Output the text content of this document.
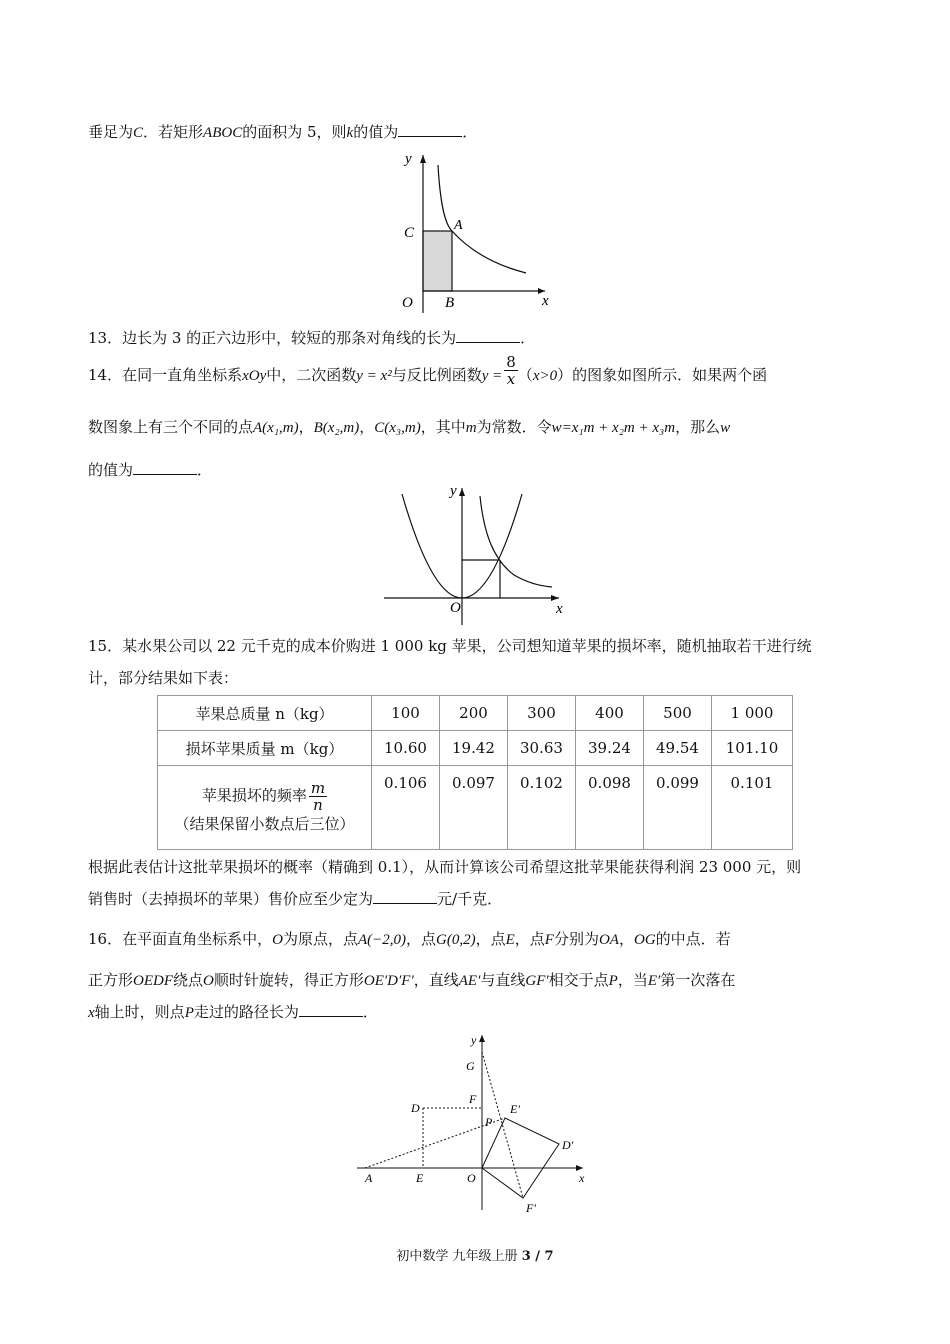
垂足为C．若矩形ABOC的面积为 5，则k的值为	．
y
x
C	A
O B
13．边长为 3 的正六边形中，较短的那条对角线的长为	．
14．在同一直角坐标系xOy中，二次函数y = x²与反比例函数$y = \frac{8}{x} (x>0)$的图象如图所示．如果两个函
数图象上有三个不同的点A(x₁,m)，B(x₂,m)，C(x₃,m)，其中m为常数．令w=x₁m + x₂m + x₃m，那么w
的值为	．
y
x
O
15．某水果公司以 22 元千克的成本价购进 1 000 kg 苹果，公司想知道苹果的损坏率，随机抽取若干进行统
计，部分结果如下表：
苹果总质量 n（kg）	100	200	300	400	500	1 000
损坏苹果质量 m（kg）	10.60	19.42	30.63	39.24	49.54	101.10

苹果损坏的频率 $\frac{m}{n}$
（结果保留小数点后三位）	0.106	0.097	0.102	0.098	0.099	0.101
根据此表估计这批苹果损坏的概率（精确到 0.1），从而计算该公司希望这批苹果能获得利润 23 000 元，则
销售时（去掉损坏的苹果）售价应至少定为	元/千克．
16．在平面直角坐标系中，O为原点，点A(−2,0)，点G(0,2)，点E，点F分别为OA，OG的中点．若
正方形OEDF绕点O顺时针旋转，得正方形OE′D′F′，直线AE′与直线GF′相交于点P，当E′第一次落在
x轴上时，则点P走过的路径长为	．
y
x
G
D
F
P
E′
D′
A	E	O
F′
初中数学 九年级上册 3 / 7
